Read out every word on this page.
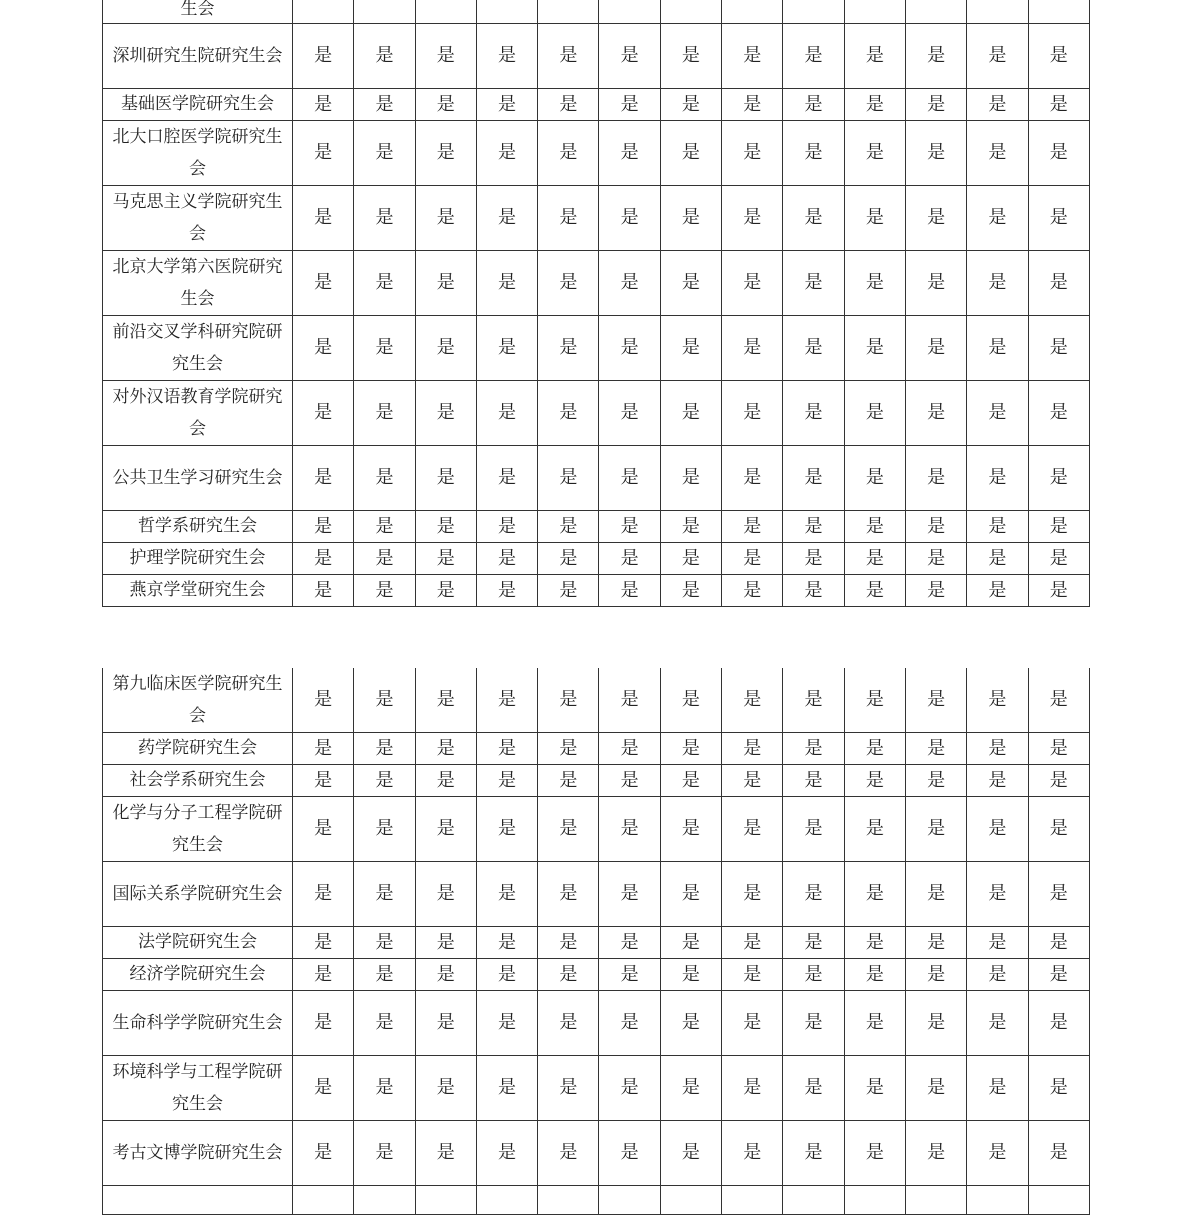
生会													
深圳研究生院研究生会	是	是	是	是	是	是	是	是	是	是	是	是	是
基础医学院研究生会	是	是	是	是	是	是	是	是	是	是	是	是	是
北大口腔医学院研究生会	是	是	是	是	是	是	是	是	是	是	是	是	是
马克思主义学院研究生会	是	是	是	是	是	是	是	是	是	是	是	是	是
北京大学第六医院研究生会	是	是	是	是	是	是	是	是	是	是	是	是	是
前沿交叉学科研究院研究生会	是	是	是	是	是	是	是	是	是	是	是	是	是
对外汉语教育学院研究会	是	是	是	是	是	是	是	是	是	是	是	是	是
公共卫生学习研究生会	是	是	是	是	是	是	是	是	是	是	是	是	是
哲学系研究生会	是	是	是	是	是	是	是	是	是	是	是	是	是
护理学院研究生会	是	是	是	是	是	是	是	是	是	是	是	是	是
燕京学堂研究生会	是	是	是	是	是	是	是	是	是	是	是	是	是
第九临床医学院研究生会	是	是	是	是	是	是	是	是	是	是	是	是	是
药学院研究生会	是	是	是	是	是	是	是	是	是	是	是	是	是
社会学系研究生会	是	是	是	是	是	是	是	是	是	是	是	是	是
化学与分子工程学院研究生会	是	是	是	是	是	是	是	是	是	是	是	是	是
国际关系学院研究生会	是	是	是	是	是	是	是	是	是	是	是	是	是
法学院研究生会	是	是	是	是	是	是	是	是	是	是	是	是	是
经济学院研究生会	是	是	是	是	是	是	是	是	是	是	是	是	是
生命科学学院研究生会	是	是	是	是	是	是	是	是	是	是	是	是	是
环境科学与工程学院研究生会	是	是	是	是	是	是	是	是	是	是	是	是	是
考古文博学院研究生会	是	是	是	是	是	是	是	是	是	是	是	是	是
